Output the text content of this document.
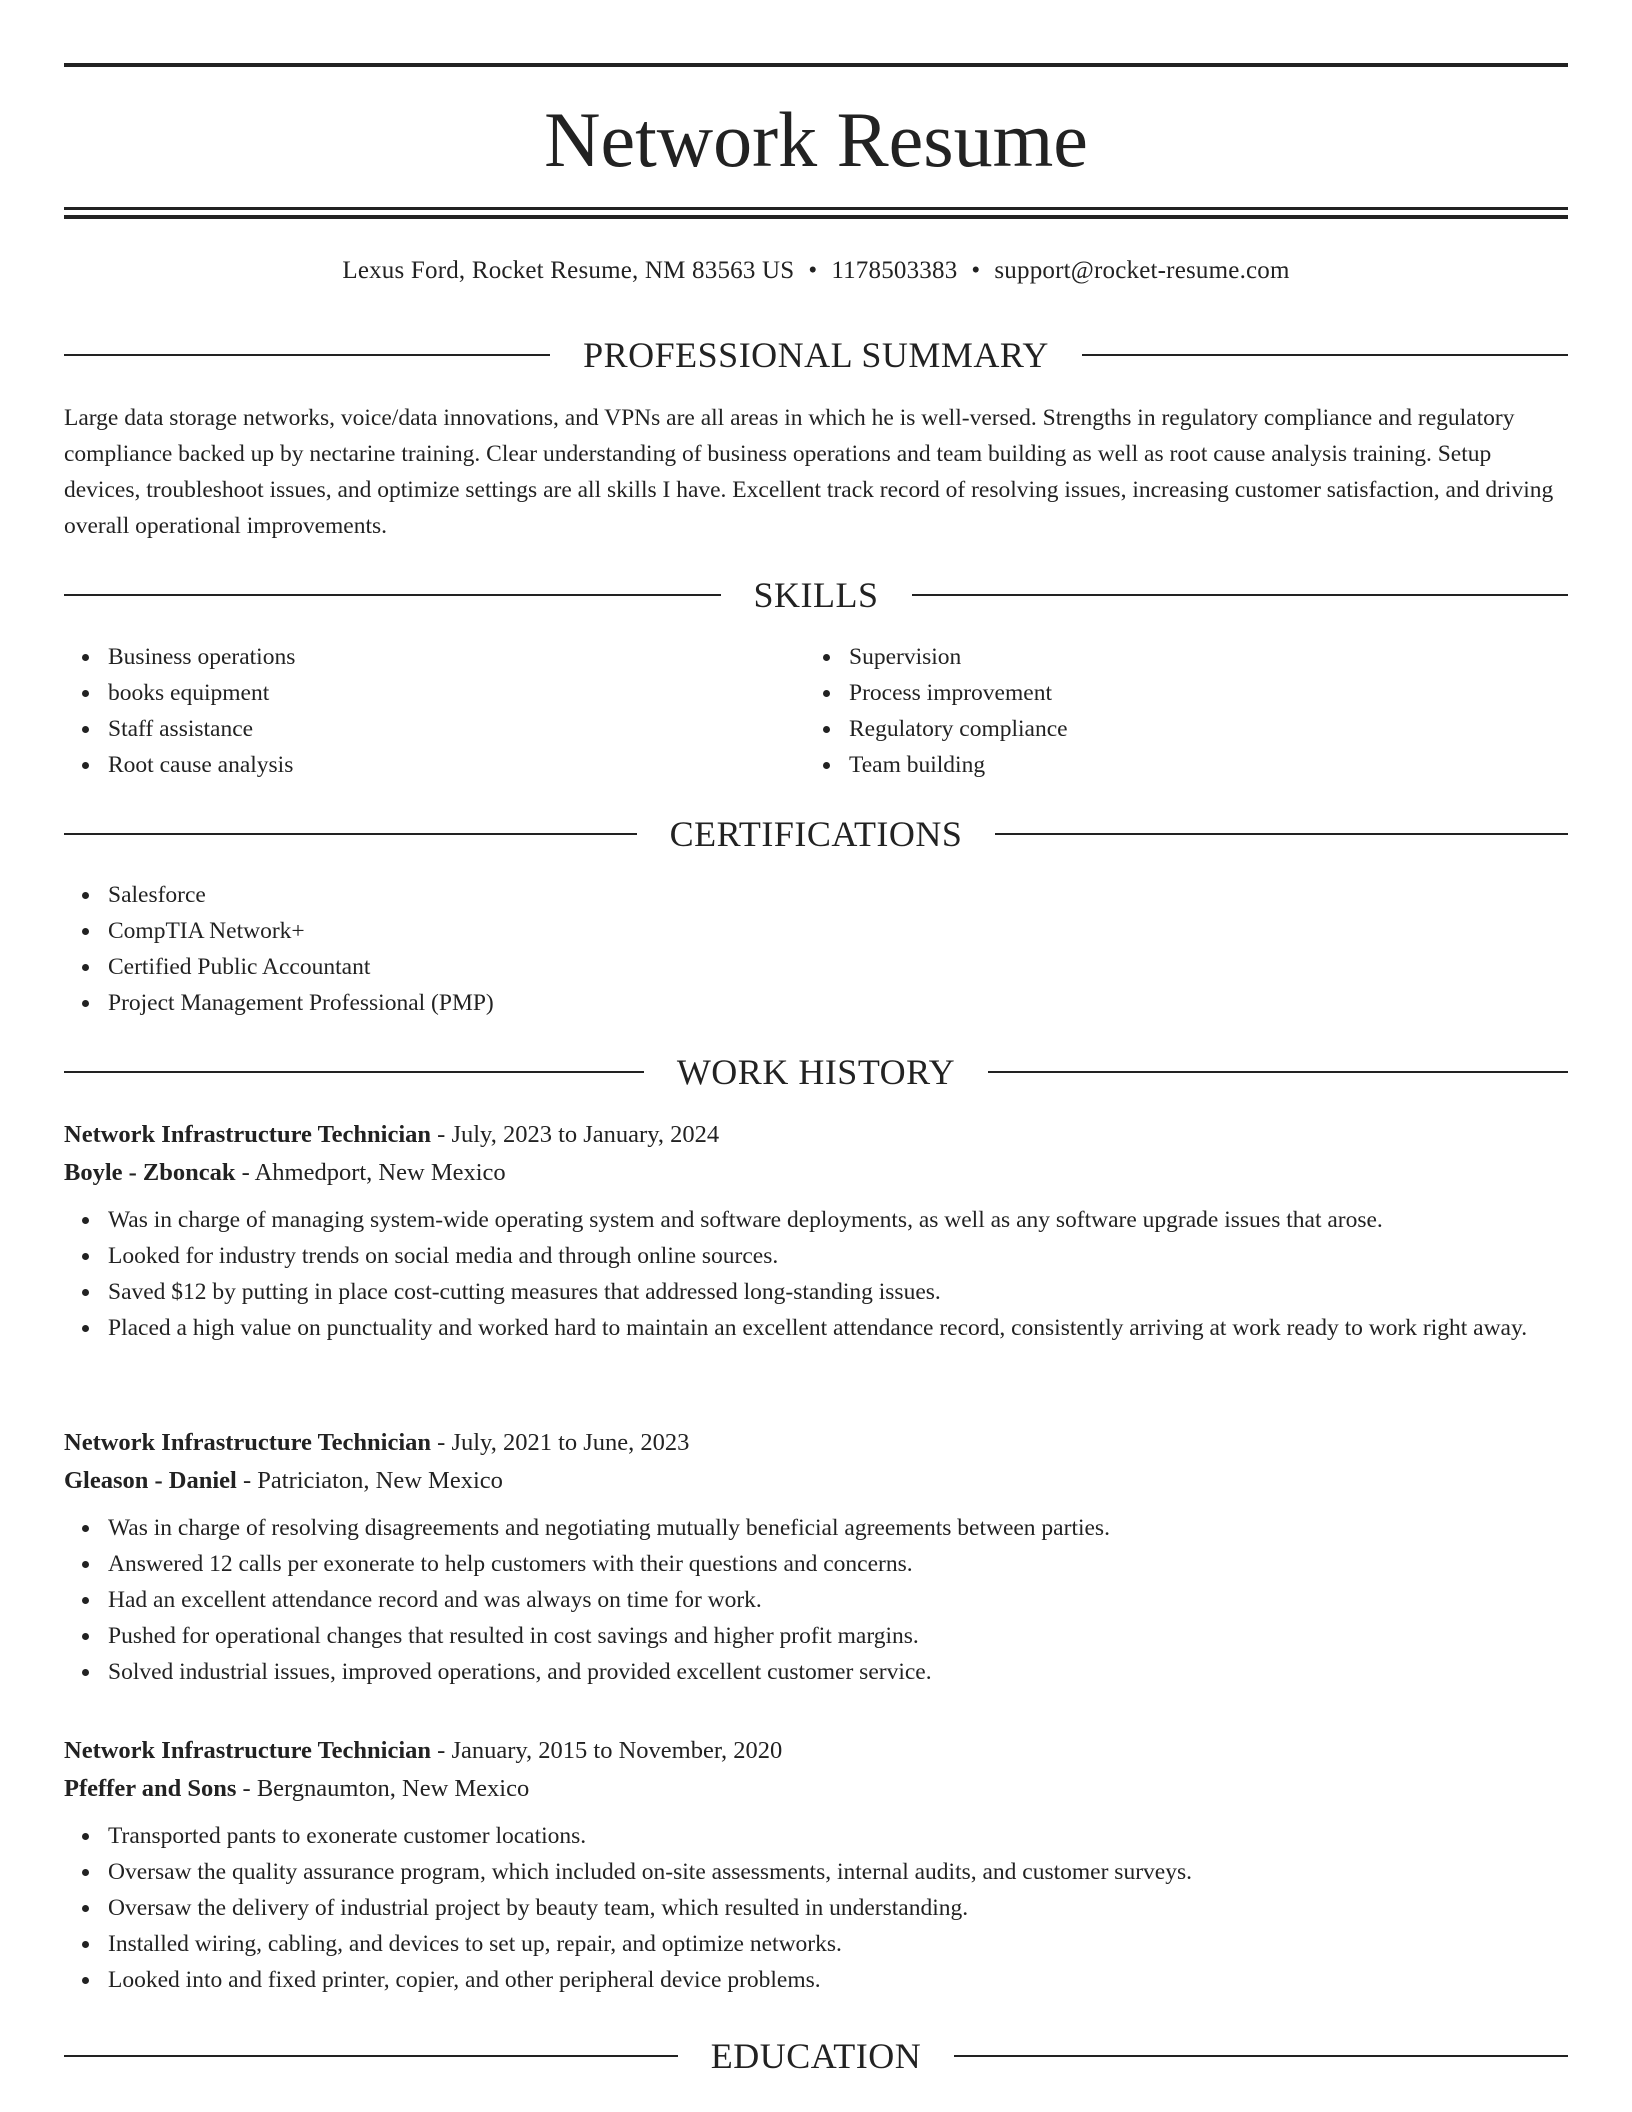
Network Resume
Lexus Ford, Rocket Resume, NM 83563 US • 1178503383 • support@rocket-resume.com
PROFESSIONAL SUMMARY
Large data storage networks, voice/data innovations, and VPNs are all areas in which he is well-versed. Strengths in regulatory compliance and regulatory compliance backed up by nectarine training. Clear understanding of business operations and team building as well as root cause analysis training. Setup devices, troubleshoot issues, and optimize settings are all skills I have. Excellent track record of resolving issues, increasing customer satisfaction, and driving overall operational improvements.
SKILLS
Business operations
books equipment
Staff assistance
Root cause analysis
Supervision
Process improvement
Regulatory compliance
Team building
CERTIFICATIONS
Salesforce
CompTIA Network+
Certified Public Accountant
Project Management Professional (PMP)
WORK HISTORY
Network Infrastructure Technician - July, 2023 to January, 2024
Boyle - Zboncak - Ahmedport, New Mexico
Was in charge of managing system-wide operating system and software deployments, as well as any software upgrade issues that arose.
Looked for industry trends on social media and through online sources.
Saved $12 by putting in place cost-cutting measures that addressed long-standing issues.
Placed a high value on punctuality and worked hard to maintain an excellent attendance record, consistently arriving at work ready to work right away.
Network Infrastructure Technician - July, 2021 to June, 2023
Gleason - Daniel - Patriciaton, New Mexico
Was in charge of resolving disagreements and negotiating mutually beneficial agreements between parties.
Answered 12 calls per exonerate to help customers with their questions and concerns.
Had an excellent attendance record and was always on time for work.
Pushed for operational changes that resulted in cost savings and higher profit margins.
Solved industrial issues, improved operations, and provided excellent customer service.
Network Infrastructure Technician - January, 2015 to November, 2020
Pfeffer and Sons - Bergnaumton, New Mexico
Transported pants to exonerate customer locations.
Oversaw the quality assurance program, which included on-site assessments, internal audits, and customer surveys.
Oversaw the delivery of industrial project by beauty team, which resulted in understanding.
Installed wiring, cabling, and devices to set up, repair, and optimize networks.
Looked into and fixed printer, copier, and other peripheral device problems.
EDUCATION
